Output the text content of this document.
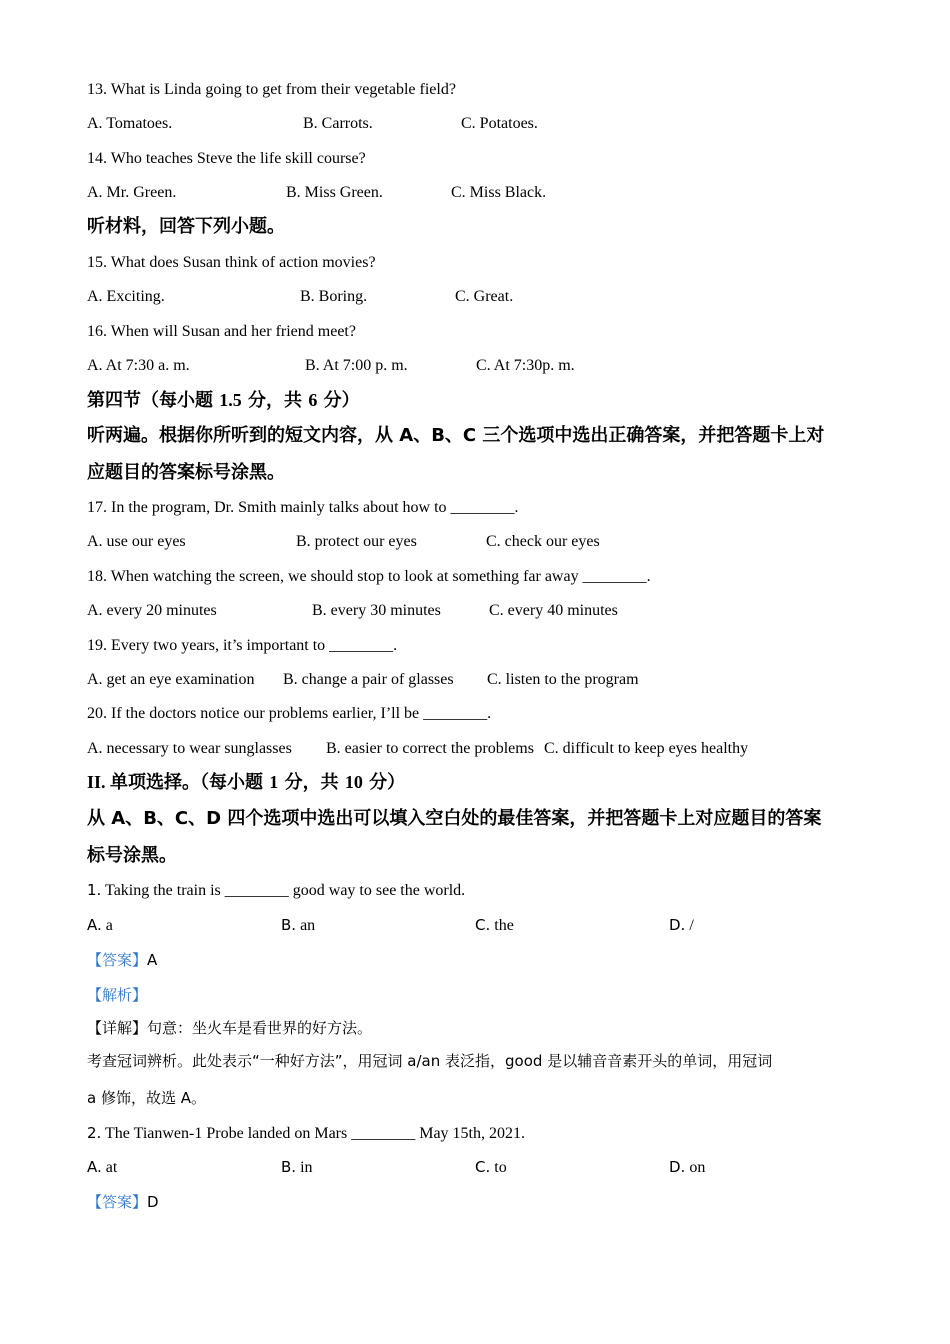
13. What is Linda going to get from their vegetable field?
A. Tomatoes.	B. Carrots.	C. Potatoes.
14. Who teaches Steve the life skill course?
A. Mr. Green.	B. Miss Green.	C. Miss Black.
听材料，回答下列小题。
15. What does Susan think of action movies?
A. Exciting.	B. Boring.	C. Great.
16. When will Susan and her friend meet?
A. At 7:30 a. m.	B. At 7:00 p. m.	C. At 7:30p. m.
第四节（每小题 1.5 分，共 6 分）
听两遍。根据你所听到的短文内容，从 A、B、C 三个选项中选出正确答案，并把答题卡上对
应题目的答案标号涂黑。
17. In the program, Dr. Smith mainly talks about how to ________.
A. use our eyes	B. protect our eyes	C. check our eyes
18. When watching the screen, we should stop to look at something far away ________.
A. every 20 minutes	B. every 30 minutes	C. every 40 minutes
19. Every two years, it’s important to ________.
A. get an eye examination B. change a pair of glasses C. listen to the program
20. If the doctors notice our problems earlier, I’ll be ________.
A. necessary to wear sunglasses B. easier to correct the problems C. difficult to keep eyes healthy
II. 单项选择。（每小题 1 分，共 10 分）
从 A、B、C、D 四个选项中选出可以填入空白处的最佳答案，并把答题卡上对应题目的答案
标号涂黑。
1. Taking the train is ________ good way to see the world.
A. a	B. an	C. the	D. /
【答案】A
【解析】
【详解】句意：坐火车是看世界的好方法。
考查冠词辨析。此处表示“一种好方法”，用冠词 a/an 表泛指，good 是以辅音音素开头的单词，用冠词
a 修饰，故选 A。
2. The Tianwen-1 Probe landed on Mars ________ May 15th, 2021.
A. at	B. in	C. to	D. on
【答案】D
